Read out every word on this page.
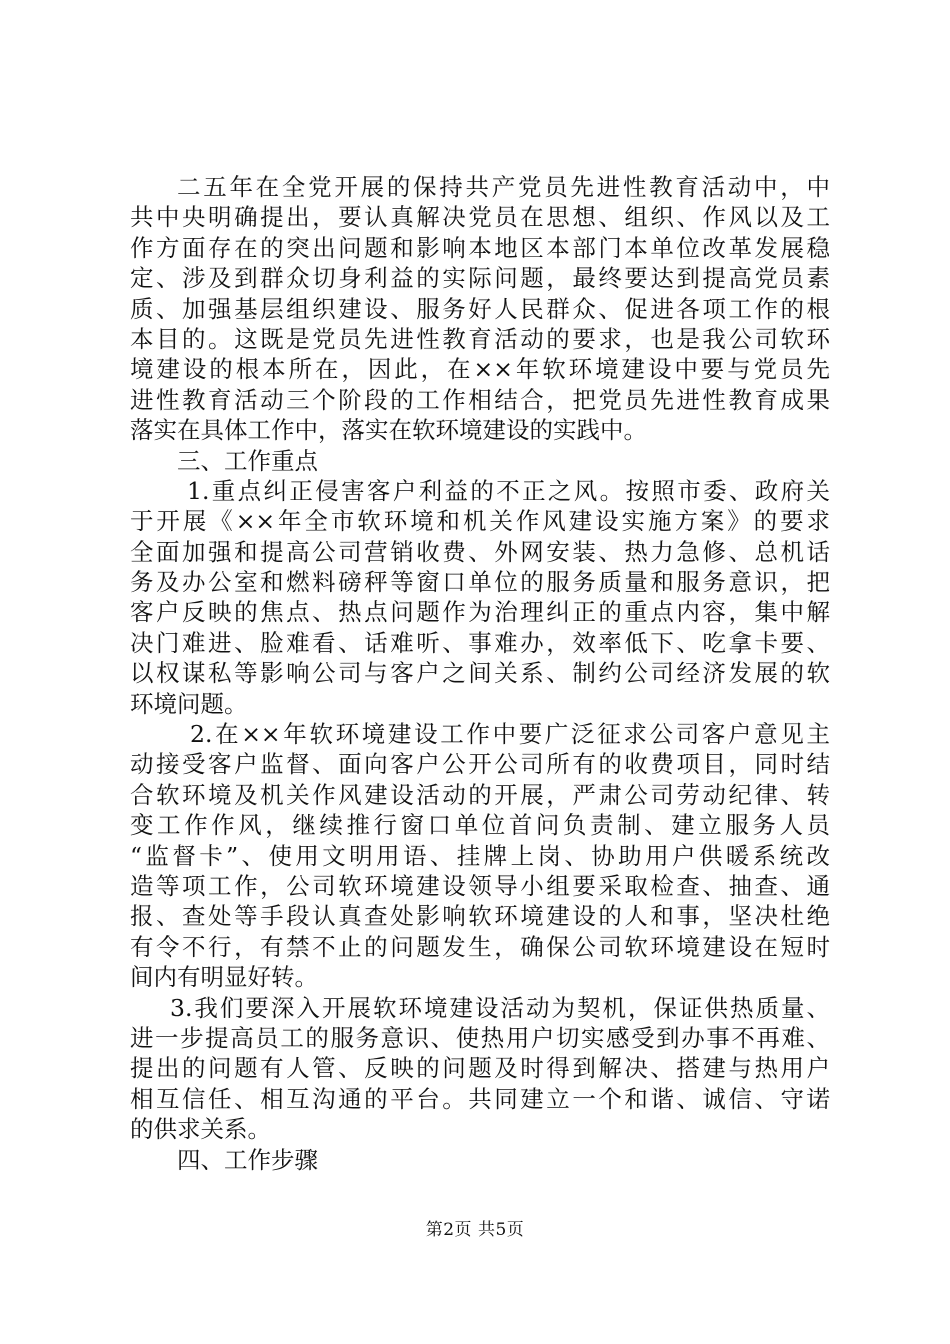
二五年在全党开展的保持共产党员先进性教育活动中，中
共中央明确提出，要认真解决党员在思想、组织、作风以及工
作方面存在的突出问题和影响本地区本部门本单位改革发展稳
定、涉及到群众切身利益的实际问题，最终要达到提高党员素
质、加强基层组织建设、服务好人民群众、促进各项工作的根
本目的。这既是党员先进性教育活动的要求，也是我公司软环
境建设的根本所在，因此，在××年软环境建设中要与党员先
进性教育活动三个阶段的工作相结合，把党员先进性教育成果
落实在具体工作中，落实在软环境建设的实践中。
三、工作重点
1.重点纠正侵害客户利益的不正之风。按照市委、政府关
于开展《××年全市软环境和机关作风建设实施方案》的要求
全面加强和提高公司营销收费、外网安装、热力急修、总机话
务及办公室和燃料磅秤等窗口单位的服务质量和服务意识，把
客户反映的焦点、热点问题作为治理纠正的重点内容，集中解
决门难进、脸难看、话难听、事难办，效率低下、吃拿卡要、
以权谋私等影响公司与客户之间关系、制约公司经济发展的软
环境问题。
2.在××年软环境建设工作中要广泛征求公司客户意见主
动接受客户监督、面向客户公开公司所有的收费项目，同时结
合软环境及机关作风建设活动的开展，严肃公司劳动纪律、转
变工作作风，继续推行窗口单位首问负责制、建立服务人员
“监督卡”、使用文明用语、挂牌上岗、协助用户供暖系统改
造等项工作，公司软环境建设领导小组要采取检查、抽查、通
报、查处等手段认真查处影响软环境建设的人和事，坚决杜绝
有令不行，有禁不止的问题发生，确保公司软环境建设在短时
间内有明显好转。
3.我们要深入开展软环境建设活动为契机，保证供热质量、
进一步提高员工的服务意识、使热用户切实感受到办事不再难、
提出的问题有人管、反映的问题及时得到解决、搭建与热用户
相互信任、相互沟通的平台。共同建立一个和谐、诚信、守诺
的供求关系。
四、工作步骤
第2页 共5页
